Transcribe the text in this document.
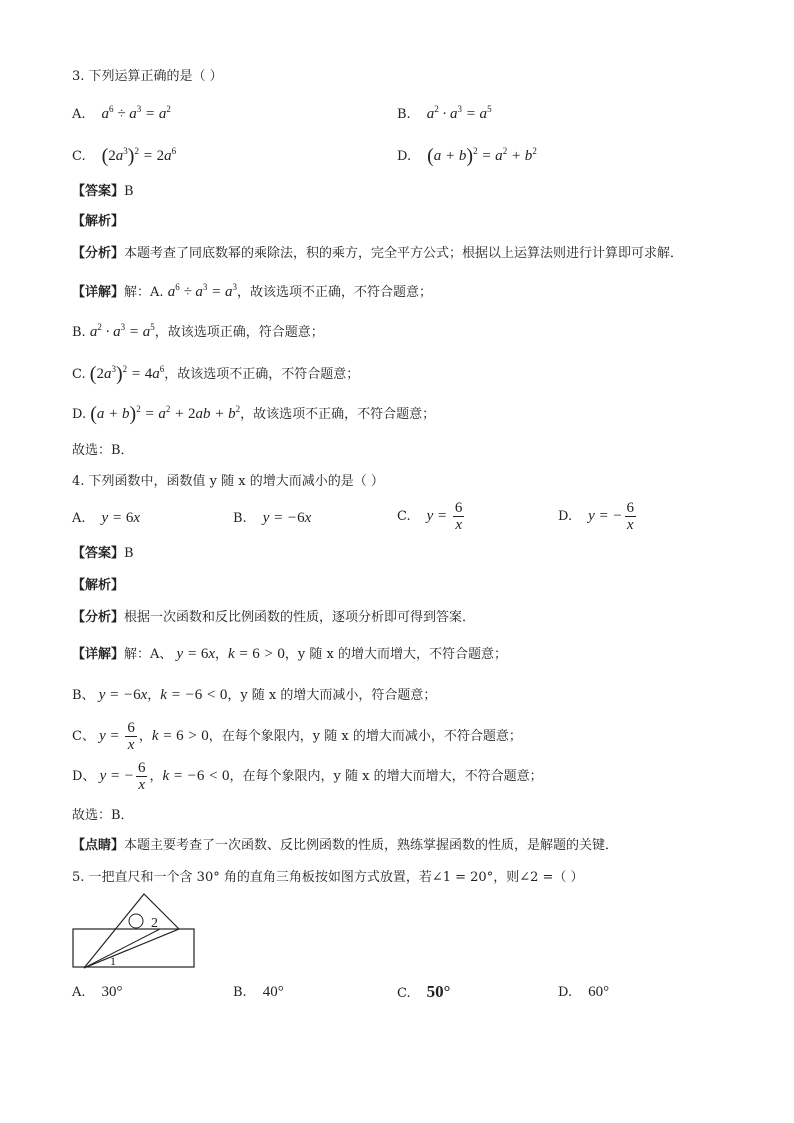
3. 下列运算正确的是（ ）
A. $a^6 \div a^3 = a^2$	B. $a^2 \cdot a^3 = a^5$
C. $(2a^3)^2 = 2a^6$	D. $(a + b)^2 = a^2 + b^2$
【答案】B
【解析】
【分析】本题考查了同底数幂的乘除法，积的乘方，完全平方公式；根据以上运算法则进行计算即可求解．
【详解】解：A. $a^6 \div a^3 = a^3$，故该选项不正确，不符合题意；
B. $a^2 \cdot a^3 = a^5$，故该选项正确，符合题意；
C. $(2a^3)^2 = 4a^6$，故该选项不正确，不符合题意；
D. $(a + b)^2 = a^2 + 2ab + b^2$，故该选项不正确，不符合题意；
故选：B．
4. 下列函数中，函数值 y 随 x 的增大而减小的是（ ）
A. y = 6x	B. y = −6x	C. $y = \frac{6}{x}$	D. y = − $\frac{6}{x}$
【答案】B
【解析】
【分析】根据一次函数和反比例函数的性质，逐项分析即可得到答案．
【详解】解：A、 y = 6x，k = 6 > 0，y 随 x 的增大而增大，不符合题意；
B、 y = −6x，k = −6 < 0，y 随 x 的增大而减小，符合题意；
C、 $y = \frac{6}{x}$ ，k = 6 > 0，在每个象限内，y 随 x 的增大而减小，不符合题意；
D、 y = − $\frac{6}{x}$ ，k = −6 < 0，在每个象限内，y 随 x 的增大而增大，不符合题意；
故选：B．
【点睛】本题主要考查了一次函数、反比例函数的性质，熟练掌握函数的性质，是解题的关键．
5. 一把直尺和一个含 30° 角的直角三角板按如图方式放置，若∠1 = 20°，则∠2 =（ ）
2
1
A. 30°	B. 40°	C. 50°	D. 60°
